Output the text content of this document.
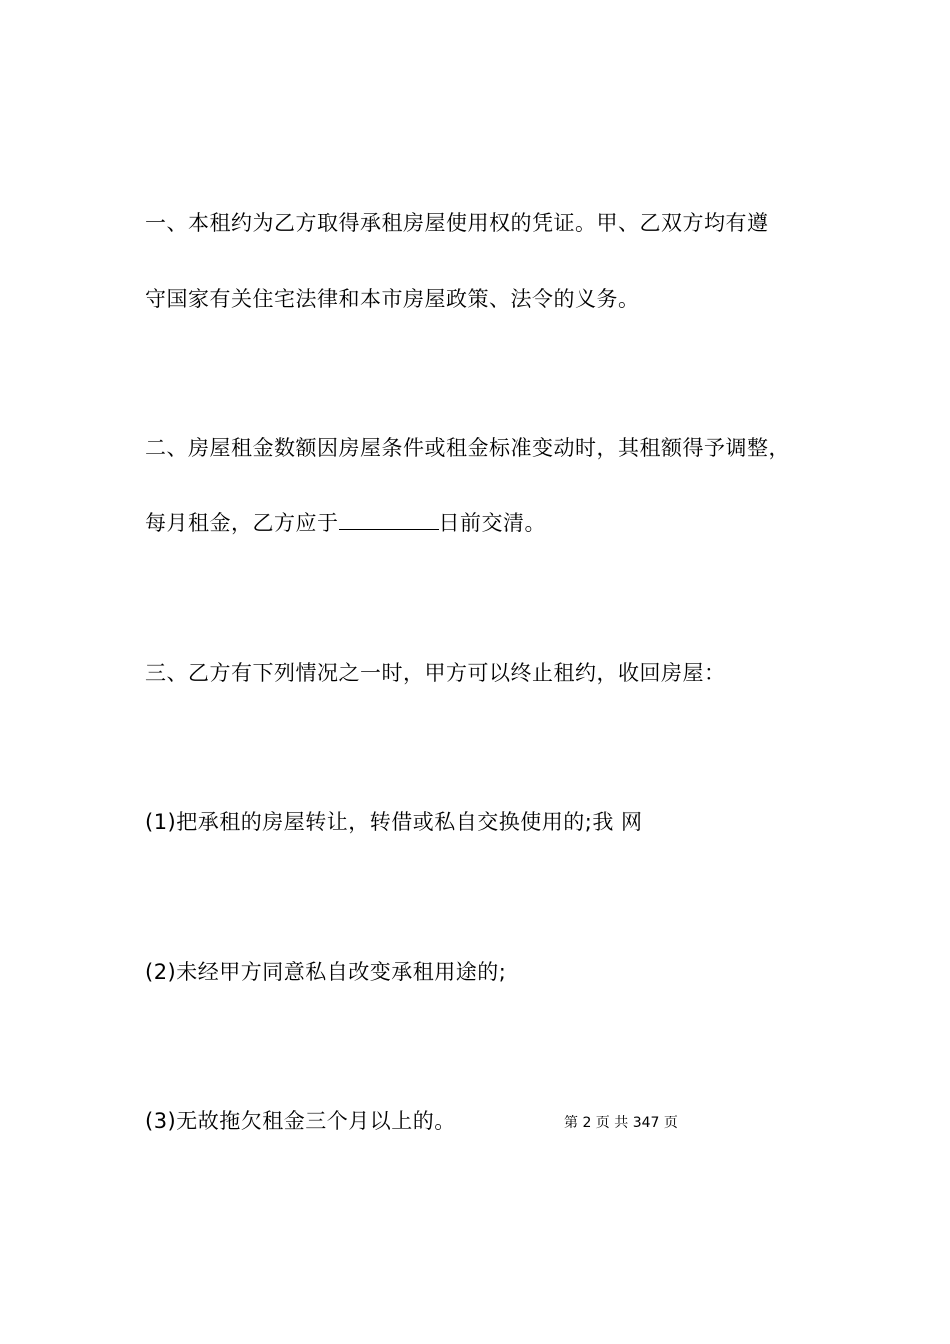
一、本租约为乙方取得承租房屋使用权的凭证。甲、乙双方均有遵
守国家有关住宅法律和本市房屋政策、法令的义务。
二、房屋租金数额因房屋条件或租金标准变动时，其租额得予调整，
每月租金，乙方应于	日前交清。
三、乙方有下列情况之一时，甲方可以终止租约，收回房屋：
(1)把承租的房屋转让，转借或私自交换使用的;我 网
(2)未经甲方同意私自改变承租用途的;
(3)无故拖欠租金三个月以上的。	第 2 页 共 347 页
